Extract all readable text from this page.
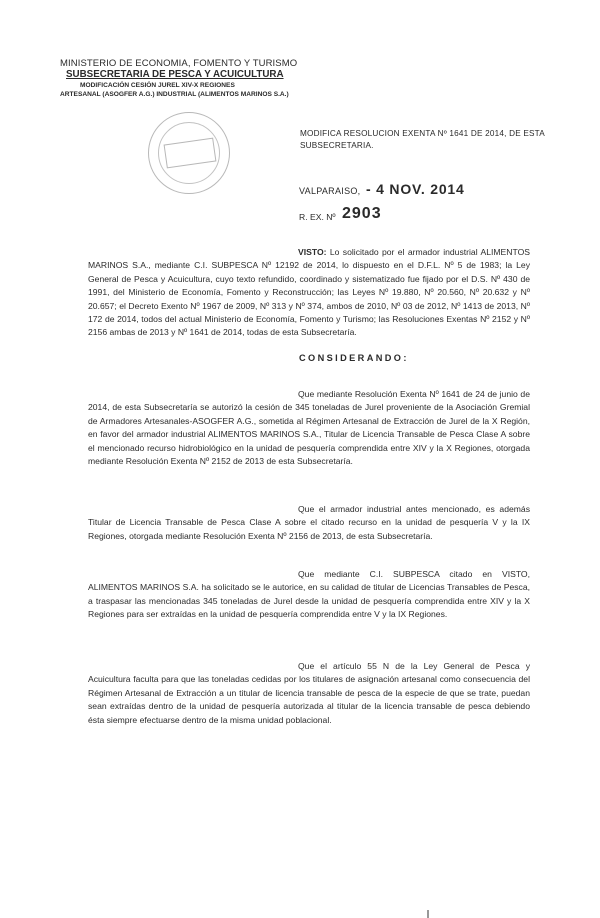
MINISTERIO DE ECONOMIA, FOMENTO Y TURISMO
SUBSECRETARIA DE PESCA Y ACUICULTURA
MODIFICACIÓN CESIÓN JUREL XIV-X REGIONES
ARTESANAL (ASOGFER A.G.) INDUSTRIAL (ALIMENTOS MARINOS S.A.)
MODIFICA RESOLUCION EXENTA Nº 1641 DE 2014, DE ESTA SUBSECRETARIA.
VALPARAISO, - 4 NOV. 2014
R. EX. Nº 2903
VISTO: Lo solicitado por el armador industrial ALIMENTOS MARINOS S.A., mediante C.I. SUBPESCA Nº 12192 de 2014, lo dispuesto en el D.F.L. Nº 5 de 1983; la Ley General de Pesca y Acuicultura, cuyo texto refundido, coordinado y sistematizado fue fijado por el D.S. Nº 430 de 1991, del Ministerio de Economía, Fomento y Reconstrucción; las Leyes Nº 19.880, Nº 20.560, Nº 20.632 y Nº 20.657; el Decreto Exento Nº 1967 de 2009, Nº 313 y Nº 374, ambos de 2010, Nº 03 de 2012, Nº 1413 de 2013, Nº 172 de 2014, todos del actual Ministerio de Economía, Fomento y Turismo; las Resoluciones Exentas Nº 2152 y Nº 2156 ambas de 2013 y Nº 1641 de 2014, todas de esta Subsecretaría.
CONSIDERANDO:
Que mediante Resolución Exenta Nº 1641 de 24 de junio de 2014, de esta Subsecretaría se autorizó la cesión de 345 toneladas de Jurel proveniente de la Asociación Gremial de Armadores Artesanales-ASOGFER A.G., sometida al Régimen Artesanal de Extracción de Jurel de la X Región, en favor del armador industrial ALIMENTOS MARINOS S.A., Titular de Licencia Transable de Pesca Clase A sobre el mencionado recurso hidrobiológico en la unidad de pesquería comprendida entre XIV y la X Regiones, otorgada mediante Resolución Exenta Nº 2152 de 2013 de esta Subsecretaría.
Que el armador industrial antes mencionado, es además Titular de Licencia Transable de Pesca Clase A sobre el citado recurso en la unidad de pesquería V y la IX Regiones, otorgada mediante Resolución Exenta Nº 2156 de 2013, de esta Subsecretaría.
Que mediante C.I. SUBPESCA citado en VISTO, ALIMENTOS MARINOS S.A. ha solicitado se le autorice, en su calidad de titular de Licencias Transables de Pesca, a traspasar las mencionadas 345 toneladas de Jurel desde la unidad de pesquería comprendida entre XIV y la X Regiones para ser extraídas en la unidad de pesquería comprendida entre V y la IX Regiones.
Que el artículo 55 N de la Ley General de Pesca y Acuicultura faculta para que las toneladas cedidas por los titulares de asignación artesanal como consecuencia del Régimen Artesanal de Extracción a un titular de licencia transable de pesca de la especie de que se trate, puedan sean extraídas dentro de la unidad de pesquería autorizada al titular de la licencia transable de pesca debiendo ésta siempre efectuarse dentro de la misma unidad poblacional.
